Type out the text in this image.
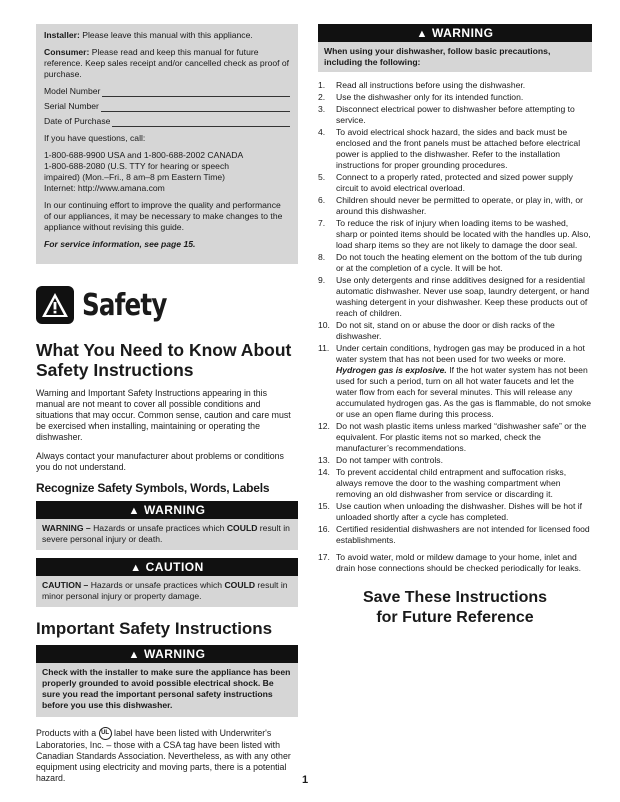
Installer: Please leave this manual with this appliance.

Consumer: Please read and keep this manual for future reference. Keep sales receipt and/or cancelled check as proof of purchase.

Model Number
Serial Number
Date of Purchase

If you have questions, call:

1-800-688-9900 USA and 1-800-688-2002 CANADA

1-800-688-2080 (U.S. TTY for hearing or speech

impaired) (Mon.–Fri., 8 am–8 pm Eastern Time)

Internet: http://www.amana.com

In our continuing effort to improve the quality and performance of our appliances, it may be necessary to make changes to the appliance without revising this guide.

For service information, see page 15.

Safety
What You Need to Know About Safety Instructions

Warning and Important Safety Instructions appearing in this manual are not meant to cover all possible conditions and situations that may occur. Common sense, caution and care must be exercised when installing, maintaining or operating the dishwasher.

Always contact your manufacturer about problems or conditions you do not understand.

Recognize Safety Symbols, Words, Labels
▲ WARNING
WARNING – Hazards or unsafe practices which COULD result in severe personal injury or death.
▲ CAUTION
CAUTION – Hazards or unsafe practices which COULD result in minor personal injury or property damage.
Important Safety Instructions
▲ WARNING
Check with the installer to make sure the appliance has been properly grounded to avoid possible electrical shock. Be sure you read the important personal safety instructions before you use this dishwasher.

Products with a UL label have been listed with Underwriter's Laboratories, Inc. – those with a CSA tag have been listed with Canadian Standards Association. Nevertheless, as with any other equipment using electricity and moving parts, there is a potential hazard.

▲ WARNING
When using your dishwasher, follow basic precautions, including the following:
1.	Read all instructions before using the dishwasher.
2.	Use the dishwasher only for its intended function.
3.	Disconnect electrical power to dishwasher before attempting to service.
4.	To avoid electrical shock hazard, the sides and back must be enclosed and the front panels must be attached before electrical power is applied to the dishwasher. Refer to the installation instructions for proper grounding procedures.
5.	Connect to a properly rated, protected and sized power supply circuit to avoid electrical overload.
6.	Children should never be permitted to operate, or play in, with, or around this dishwasher.
7.	To reduce the risk of injury when loading items to be washed, sharp or pointed items should be located with the handles up. Also, load sharp items so they are not likely to damage the door seal.
8.	Do not touch the heating element on the bottom of the tub during or at the completion of a cycle. It will be hot.
9.	Use only detergents and rinse additives designed for a residential automatic dishwasher. Never use soap, laundry detergent, or hand washing detergent in your dishwasher. Keep these products out of reach of children.
10. Do not sit, stand on or abuse the door or dish racks of the dishwasher.
11. Under certain conditions, hydrogen gas may be produced in a hot water system that has not been used for two weeks or more. Hydrogen gas is explosive. If the hot water system has not been used for such a period, turn on all hot water faucets and let the water flow from each for several minutes. This will release any accumulated hydrogen gas. As the gas is flammable, do not smoke or use an open flame during this process.
12. Do not wash plastic items unless marked “dishwasher safe” or the equivalent. For plastic items not so marked, check the manufacturer’s recommendations.
13. Do not tamper with controls.
14. To prevent accidental child entrapment and suffocation risks, always remove the door to the washing compartment when removing an old dishwasher from service or discarding it.
15. Use caution when unloading the dishwasher. Dishes will be hot if unloaded shortly after a cycle has completed.
16. Certified residential dishwashers are not intended for licensed food establishments.
17. To avoid water, mold or mildew damage to your home, inlet and drain hose connections should be checked periodically for leaks.
Save These Instructions
for Future Reference
1
